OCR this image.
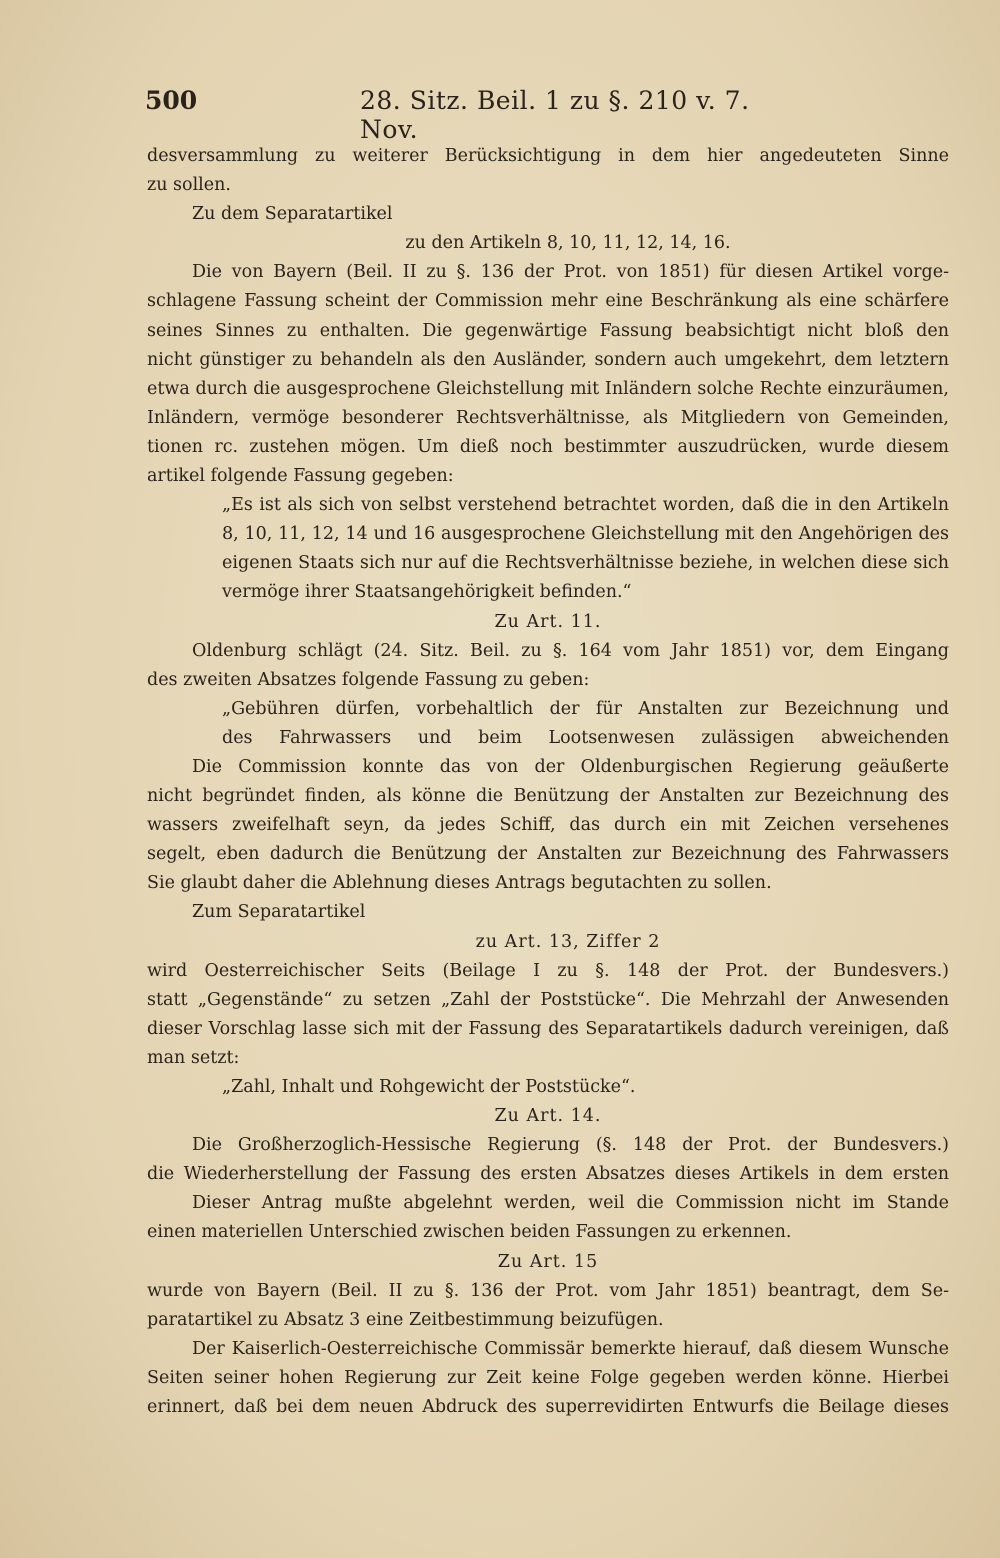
500	28. Sitz. Beil. 1 zu §. 210 v. 7. Nov.
desversammlung zu weiterer Berücksichtigung in dem hier angedeuteten Sinne
zu sollen.
Zu dem Separatartikel
zu den Artikeln 8, 10, 11, 12, 14, 16.
Die von Bayern (Beil. II zu §. 136 der Prot. von 1851) für diesen Artikel vorge-
schlagene Fassung scheint der Commission mehr eine Beschränkung als eine schärfere
seines Sinnes zu enthalten. Die gegenwärtige Fassung beabsichtigt nicht bloß den
nicht günstiger zu behandeln als den Ausländer, sondern auch umgekehrt, dem letztern
etwa durch die ausgesprochene Gleichstellung mit Inländern solche Rechte einzuräumen,
Inländern, vermöge besonderer Rechtsverhältnisse, als Mitgliedern von Gemeinden,
tionen rc. zustehen mögen. Um dieß noch bestimmter auszudrücken, wurde diesem
artikel folgende Fassung gegeben:
„Es ist als sich von selbst verstehend betrachtet worden, daß die in den Artikeln
8, 10, 11, 12, 14 und 16 ausgesprochene Gleichstellung mit den Angehörigen des
eigenen Staats sich nur auf die Rechtsverhältnisse beziehe, in welchen diese sich
vermöge ihrer Staatsangehörigkeit befinden.“
Zu Art. 11.
Oldenburg schlägt (24. Sitz. Beil. zu §. 164 vom Jahr 1851) vor, dem Eingang
des zweiten Absatzes folgende Fassung zu geben:
„Gebühren dürfen, vorbehaltlich der für Anstalten zur Bezeichnung und
des Fahrwassers und beim Lootsenwesen zulässigen abweichenden
Die Commission konnte das von der Oldenburgischen Regierung geäußerte
nicht begründet finden, als könne die Benützung der Anstalten zur Bezeichnung des
wassers zweifelhaft seyn, da jedes Schiff, das durch ein mit Zeichen versehenes
segelt, eben dadurch die Benützung der Anstalten zur Bezeichnung des Fahrwassers
Sie glaubt daher die Ablehnung dieses Antrags begutachten zu sollen.
Zum Separatartikel
zu Art. 13, Ziffer 2
wird Oesterreichischer Seits (Beilage I zu §. 148 der Prot. der Bundesvers.)
statt „Gegenstände“ zu setzen „Zahl der Poststücke“. Die Mehrzahl der Anwesenden
dieser Vorschlag lasse sich mit der Fassung des Separatartikels dadurch vereinigen, daß
man setzt:
„Zahl, Inhalt und Rohgewicht der Poststücke“.
Zu Art. 14.
Die Großherzoglich-Hessische Regierung (§. 148 der Prot. der Bundesvers.)
die Wiederherstellung der Fassung des ersten Absatzes dieses Artikels in dem ersten
Dieser Antrag mußte abgelehnt werden, weil die Commission nicht im Stande
einen materiellen Unterschied zwischen beiden Fassungen zu erkennen.
Zu Art. 15
wurde von Bayern (Beil. II zu §. 136 der Prot. vom Jahr 1851) beantragt, dem Se-
paratartikel zu Absatz 3 eine Zeitbestimmung beizufügen.
Der Kaiserlich-Oesterreichische Commissär bemerkte hierauf, daß diesem Wunsche
Seiten seiner hohen Regierung zur Zeit keine Folge gegeben werden könne. Hierbei
erinnert, daß bei dem neuen Abdruck des superrevidirten Entwurfs die Beilage dieses
